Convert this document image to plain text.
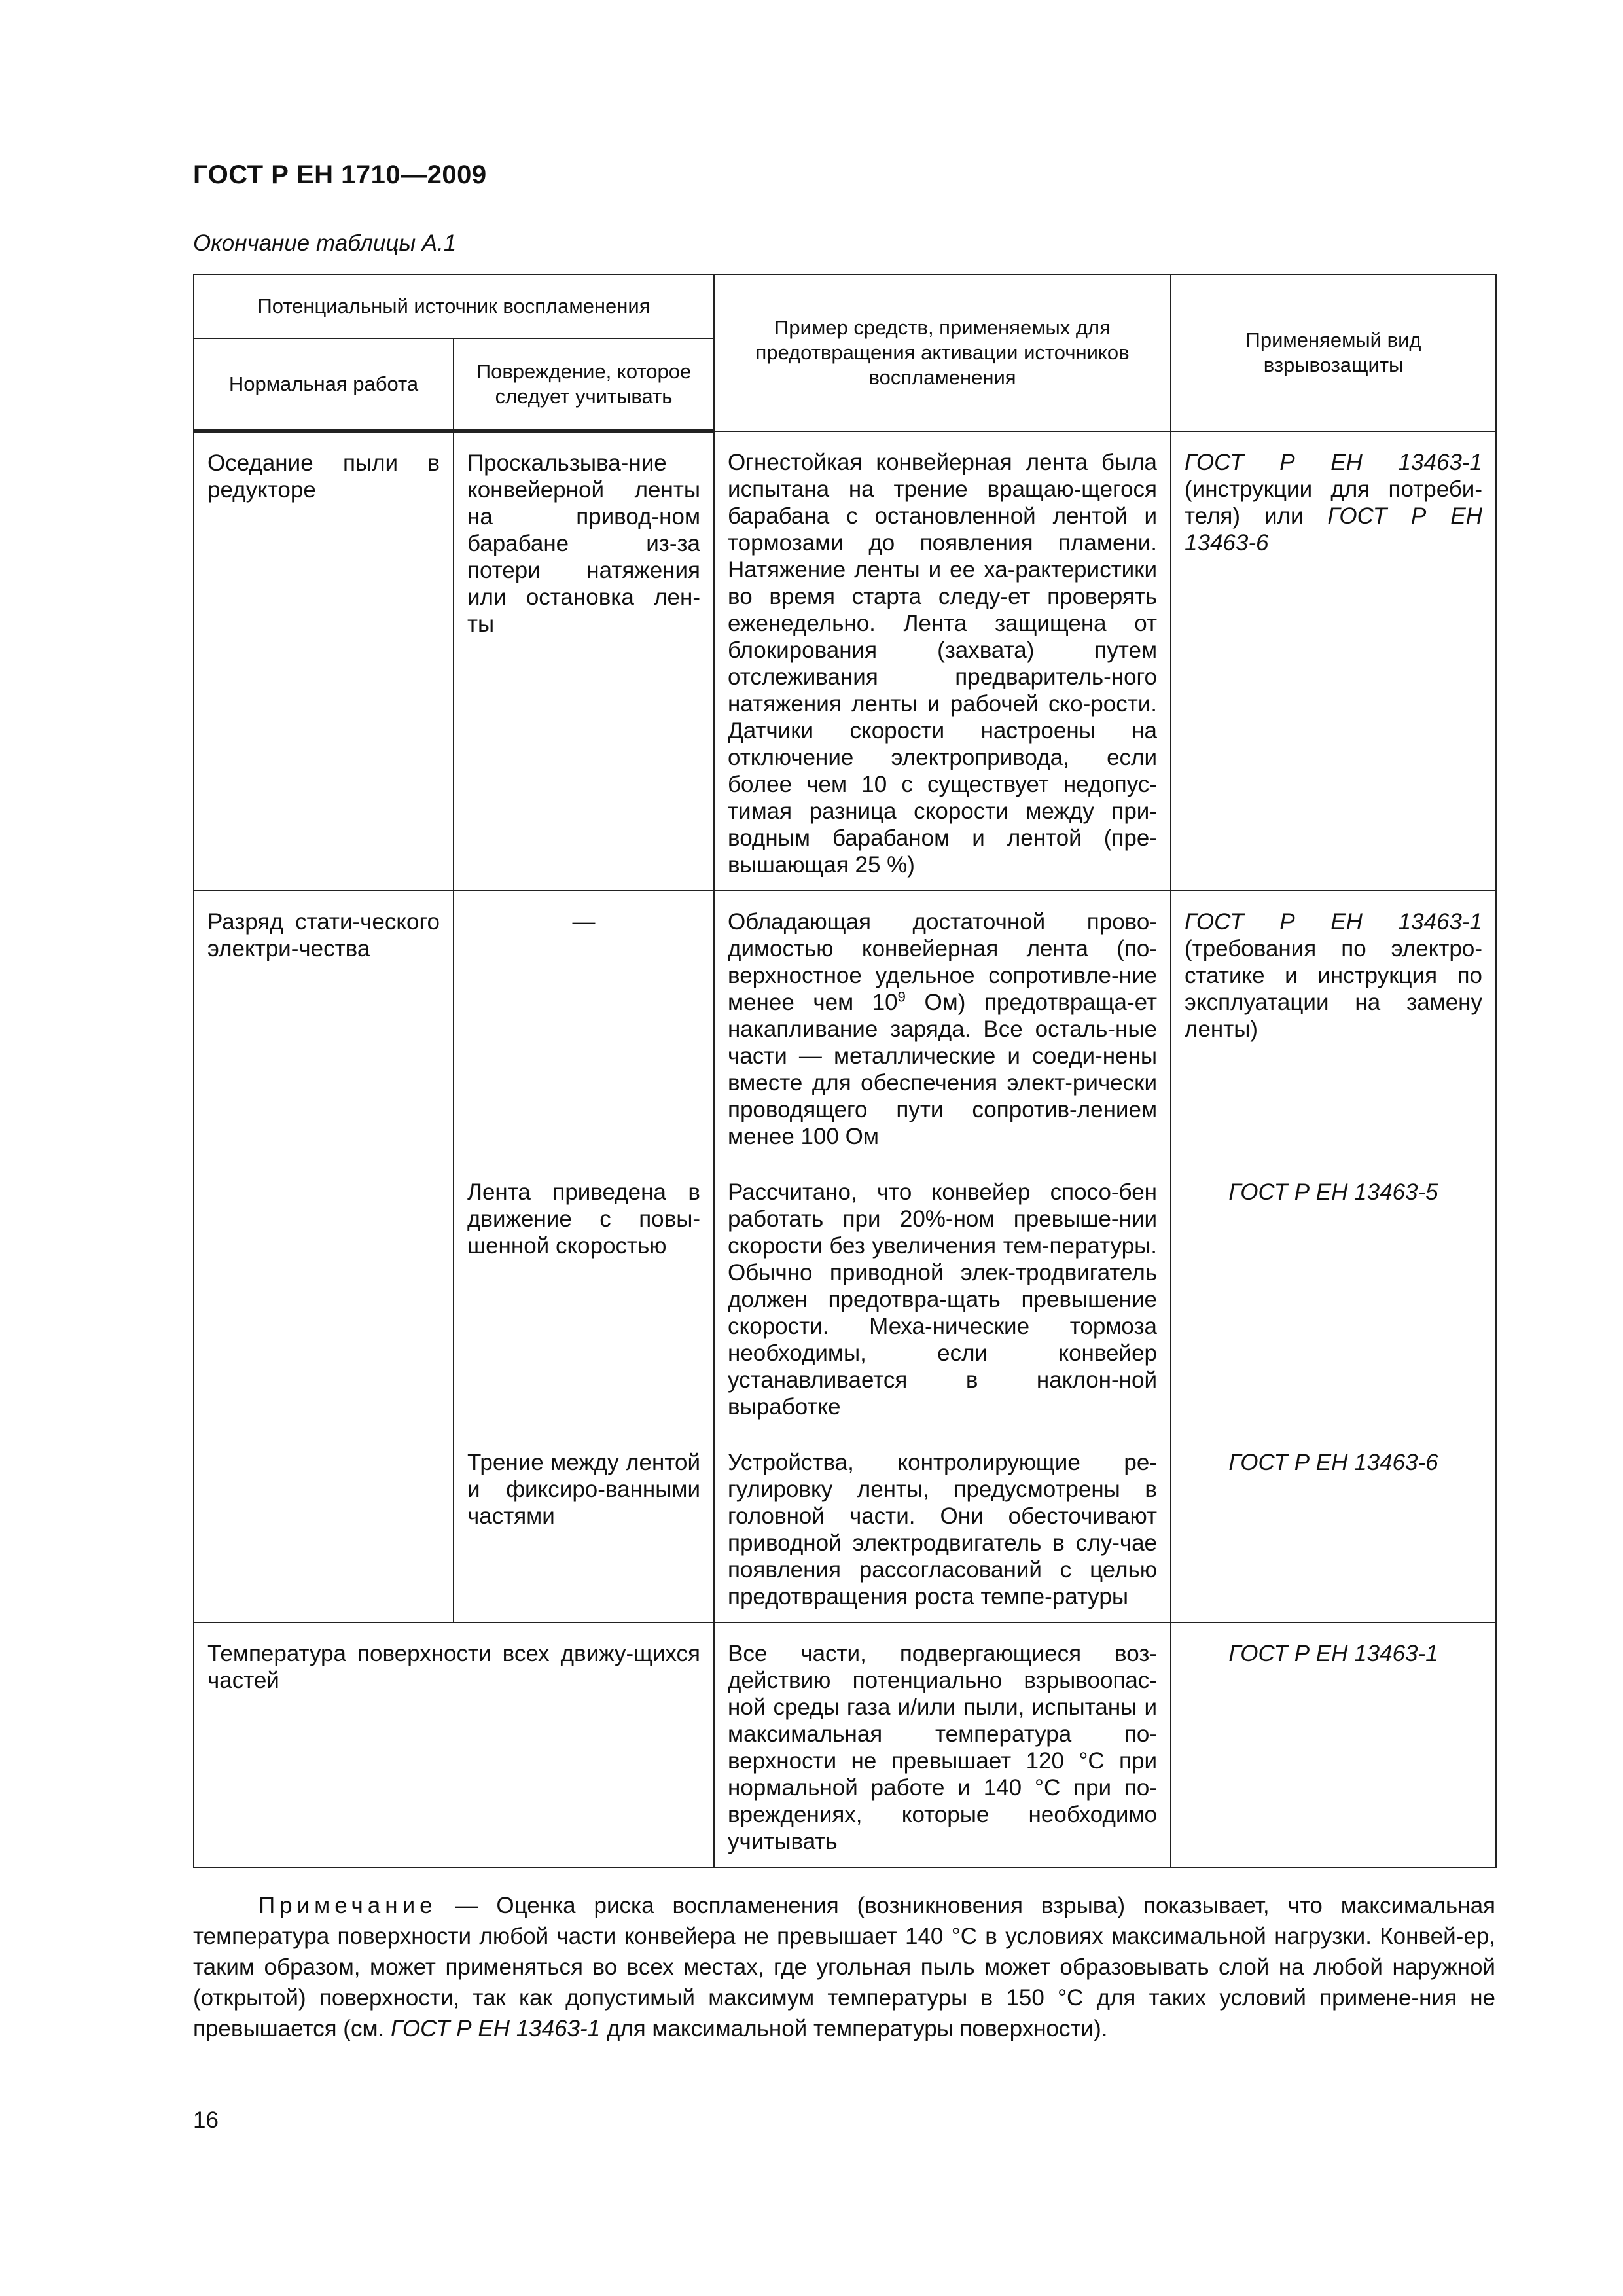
ГОСТ Р ЕН 1710—2009
Окончание таблицы А.1
Потенциальный источник воспламенения		Пример средств, применяемых для предотвращения активации источников воспламенения	Применяемый вид взрывозащиты
Нормальная работа	Повреждение, которое следует учитывать		
Оседание пыли в редукторе	Проскальзыва-ние конвейерной ленты на привод-ном барабане из-за потери натяжения или остановка лен-ты	Огнестойкая конвейерная лента была испытана на трение вращаю-щегося барабана с остановленной лентой и тормозами до появления пламени. Натяжение ленты и ее ха-рактеристики во время старта следу-ет проверять еженедельно. Лента защищена от блокирования (захвата) путем отслеживания предваритель-ного натяжения ленты и рабочей ско-рости. Датчики скорости настроены на отключение электропривода, если более чем 10 с существует недопус-тимая разница скорости между при-водным барабаном и лентой (пре-вышающая 25 %)	ГОСТ Р ЕН 13463-1 (инструкции для потреби-теля) или ГОСТ Р ЕН 13463-6
Разряд стати-ческого электри-чества	—	Обладающая достаточной прово-димостью конвейерная лента (по-верхностное удельное сопротивле-ние менее чем $10^9$ Ом) предотвраща-ет накапливание заряда. Все осталь-ные части — металлические и соеди-нены вместе для обеспечения элект-рически проводящего пути сопротив-лением менее 100 Ом	ГОСТ Р ЕН 13463-1 (требования по электро-статике и инструкция по эксплуатации на замену ленты)
	Лента приведена в движение с повы-шенной скоростью	Рассчитано, что конвейер спосо-бен работать при 20%-ном превыше-нии скорости без увеличения тем-пературы. Обычно приводной элек-тродвигатель должен предотвра-щать превышение скорости. Меха-нические тормоза необходимы, если конвейер устанавливается в наклон-ной выработке	ГОСТ Р ЕН 13463-5
	Трение между лентой и фиксиро-ванными частями	Устройства, контролирующие ре-гулировку ленты, предусмотрены в головной части. Они обесточивают приводной электродвигатель в слу-чае появления рассогласований с целью предотвращения роста темпе-ратуры	ГОСТ Р ЕН 13463-6
Температура поверхности всех движу-щихся частей		Все части, подвергающиеся воз-действию потенциально взрывоопас-ной среды газа и/или пыли, испытаны и максимальная температура по-верхности не превышает 120 °С при нормальной работе и 140 °С при по-вреждениях, которые необходимо учитывать	ГОСТ Р ЕН 13463-1
Примечание — Оценка риска воспламенения (возникновения взрыва) показывает, что максимальная температура поверхности любой части конвейера не превышает 140 °С в условиях максимальной нагрузки. Конвей-ер, таким образом, может применяться во всех местах, где угольная пыль может образовывать слой на любой наружной (открытой) поверхности, так как допустимый максимум температуры в 150 °С для таких условий примене-ния не превышается (см. ГОСТ Р ЕН 13463-1 для максимальной температуры поверхности).
16
